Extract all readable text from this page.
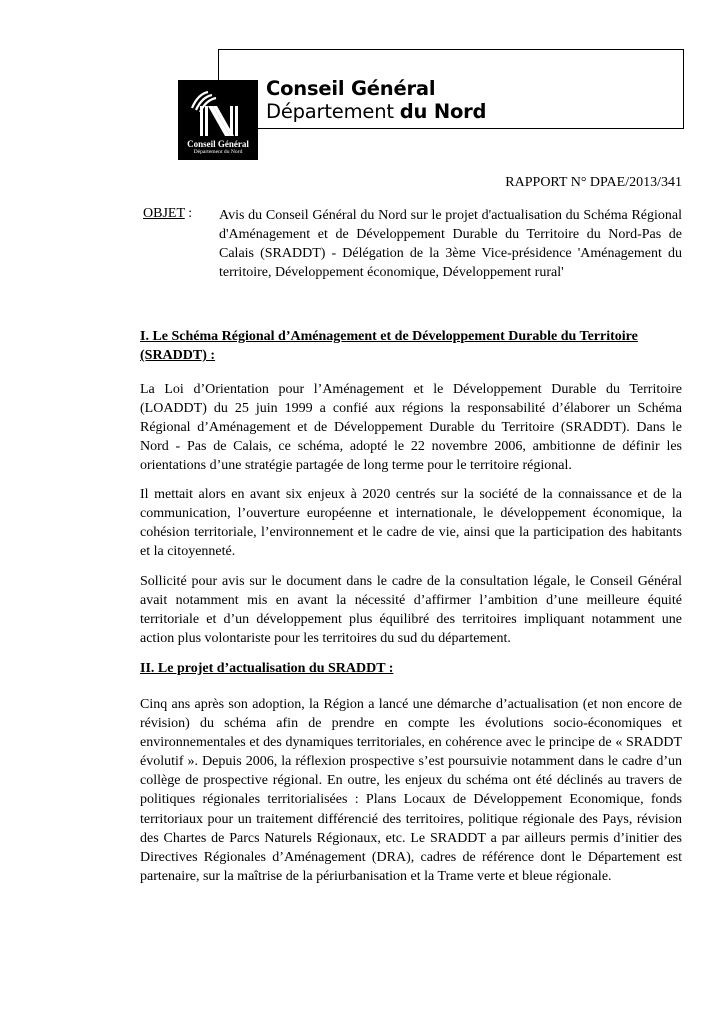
Conseil Général
Département du Nord
Conseil Général
Département du Nord
RAPPORT N° DPAE/2013/341
OBJET : Avis du Conseil Général du Nord sur le projet d'actualisation du Schéma Régional d'Aménagement et de Développement Durable du Territoire du Nord-Pas de Calais (SRADDT) - Délégation de la 3ème Vice-présidence 'Aménagement du territoire, Développement économique, Développement rural'

I. Le Schéma Régional d’Aménagement et de Développement Durable du Territoire (SRADDT) :

La Loi d’Orientation pour l’Aménagement et le Développement Durable du Territoire (LOADDT) du 25 juin 1999 a confié aux régions la responsabilité d’élaborer un Schéma Régional d’Aménagement et de Développement Durable du Territoire (SRADDT). Dans le Nord - Pas de Calais, ce schéma, adopté le 22 novembre 2006, ambitionne de définir les orientations d’une stratégie partagée de long terme pour le territoire régional.

Il mettait alors en avant six enjeux à 2020 centrés sur la société de la connaissance et de la communication, l’ouverture européenne et internationale, le développement économique, la cohésion territoriale, l’environnement et le cadre de vie, ainsi que la participation des habitants et la citoyenneté.

Sollicité pour avis sur le document dans le cadre de la consultation légale, le Conseil Général avait notamment mis en avant la nécessité d’affirmer l’ambition d’une meilleure équité territoriale et d’un développement plus équilibré des territoires impliquant notamment une action plus volontariste pour les territoires du sud du département.

II. Le projet d’actualisation du SRADDT :

Cinq ans après son adoption, la Région a lancé une démarche d’actualisation (et non encore de révision) du schéma afin de prendre en compte les évolutions socio-économiques et environnementales et des dynamiques territoriales, en cohérence avec le principe de « SRADDT évolutif ». Depuis 2006, la réflexion prospective s’est poursuivie notamment dans le cadre d’un collège de prospective régional. En outre, les enjeux du schéma ont été déclinés au travers de politiques régionales territorialisées : Plans Locaux de Développement Economique, fonds territoriaux pour un traitement différencié des territoires, politique régionale des Pays, révision des Chartes de Parcs Naturels Régionaux, etc. Le SRADDT a par ailleurs permis d’initier des Directives Régionales d’Aménagement (DRA), cadres de référence dont le Département est partenaire, sur la maîtrise de la périurbanisation et la Trame verte et bleue régionale.
